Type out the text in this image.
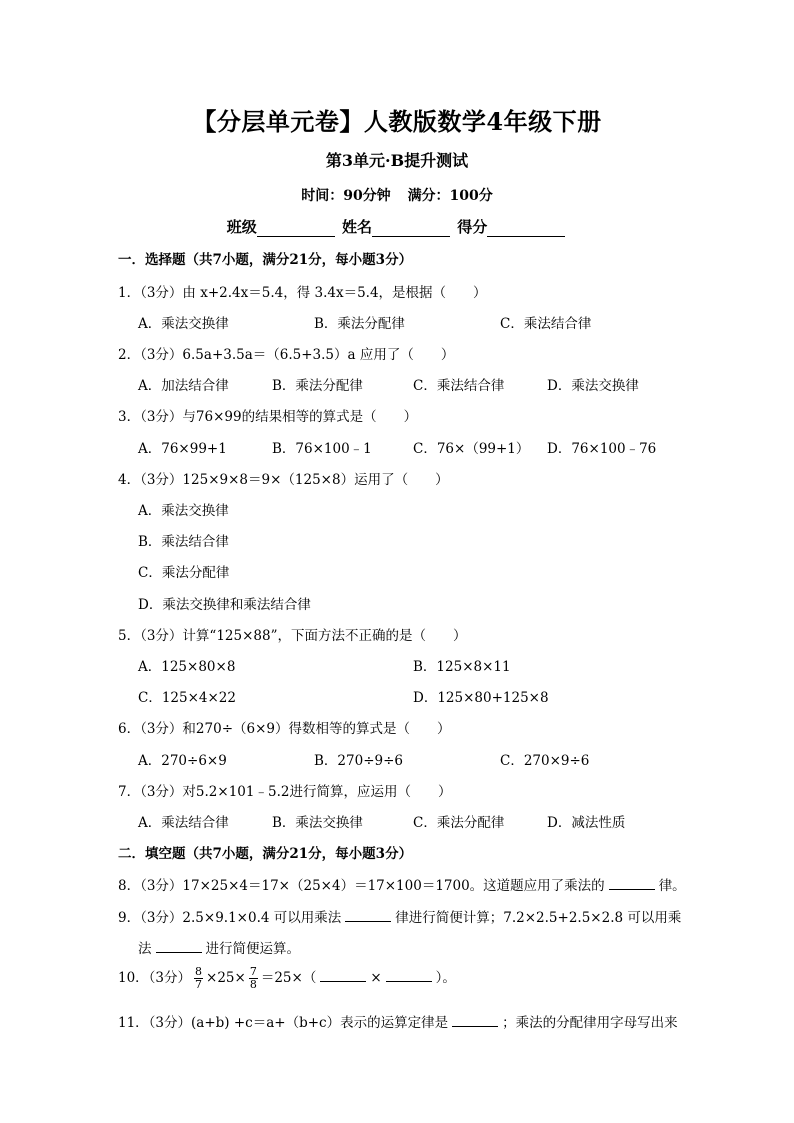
【分层单元卷】人教版数学4年级下册
第3单元·B提升测试
时间：90分钟 满分：100分
班级	姓名	得分
一．选择题（共7小题，满分21分，每小题3分）
1．（3分）由 x+2.4x＝5.4，得 3.4x＝5.4，是根据（　　）
A．乘法交换律	B．乘法分配律	C．乘法结合律
2．（3分）6.5a+3.5a＝（6.5+3.5）a 应用了（　　）
A．加法结合律	B．乘法分配律	C．乘法结合律	D．乘法交换律
3．（3分）与76×99的结果相等的算式是（　　）
A．76×99+1	B．76×100﹣1	C．76×（99+1） D．76×100﹣76
4．（3分）125×9×8＝9×（125×8）运用了（　　）
A．乘法交换律
B．乘法结合律
C．乘法分配律
D．乘法交换律和乘法结合律
5．（3分）计算“125×88”，下面方法不正确的是（　　）
A．125×80×8	B．125×8×11
C．125×4×22	D．125×80+125×8
6．（3分）和270÷（6×9）得数相等的算式是（　　）
A．270÷6×9	B．270÷9÷6	C．270×9÷6
7．（3分）对5.2×101﹣5.2进行简算，应运用（　　）
A．乘法结合律	B．乘法交换律	C．乘法分配律	D．减法性质
二．填空题（共7小题，满分21分，每小题3分）
8．（3分）17×25×4＝17×（25×4）＝17×100＝1700。这道题应用了乘法的	律。
9．（3分）2.5×9.1×0.4 可以用乘法	律进行简便计算；7.2×2.5+2.5×2.8 可以用乘
法	进行简便运算。
10．（3分） $\frac{8}{7} \times 25\times \frac{7}{8} =25\times$（	×	）。
11．（3分）(a+b) +c＝a+（b+c）表示的运算定律是	；乘法的分配律用字母写出来
